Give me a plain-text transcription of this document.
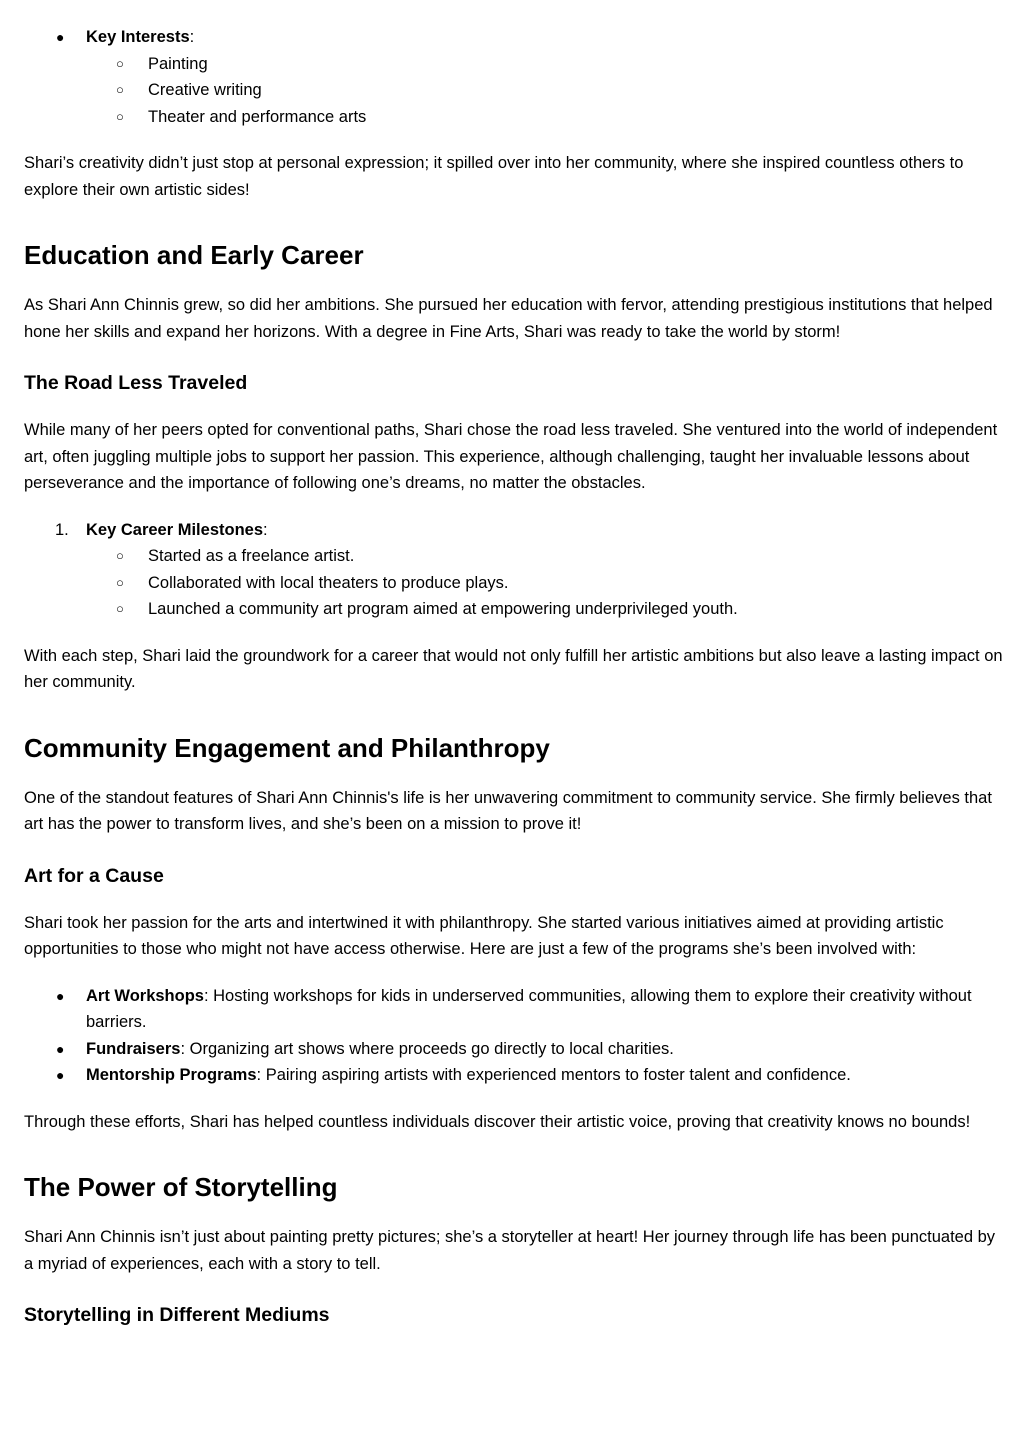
● Key Interests:
○ Painting
○ Creative writing
○ Theater and performance arts

Shari’s creativity didn’t just stop at personal expression; it spilled over into her community, where she inspired countless others to explore their own artistic sides!

Education and Early Career

As Shari Ann Chinnis grew, so did her ambitions. She pursued her education with fervor, attending prestigious institutions that helped hone her skills and expand her horizons. With a degree in Fine Arts, Shari was ready to take the world by storm!

The Road Less Traveled

While many of her peers opted for conventional paths, Shari chose the road less traveled. She ventured into the world of independent art, often juggling multiple jobs to support her passion. This experience, although challenging, taught her invaluable lessons about perseverance and the importance of following one’s dreams, no matter the obstacles.

1. Key Career Milestones:
○ Started as a freelance artist.
○ Collaborated with local theaters to produce plays.
○ Launched a community art program aimed at empowering underprivileged youth.

With each step, Shari laid the groundwork for a career that would not only fulfill her artistic ambitions but also leave a lasting impact on her community.

Community Engagement and Philanthropy

One of the standout features of Shari Ann Chinnis's life is her unwavering commitment to community service. She firmly believes that art has the power to transform lives, and she’s been on a mission to prove it!

Art for a Cause

Shari took her passion for the arts and intertwined it with philanthropy. She started various initiatives aimed at providing artistic opportunities to those who might not have access otherwise. Here are just a few of the programs she’s been involved with:

● Art Workshops: Hosting workshops for kids in underserved communities, allowing them to explore their creativity without barriers.
● Fundraisers: Organizing art shows where proceeds go directly to local charities.
● Mentorship Programs: Pairing aspiring artists with experienced mentors to foster talent and confidence.

Through these efforts, Shari has helped countless individuals discover their artistic voice, proving that creativity knows no bounds!

The Power of Storytelling

Shari Ann Chinnis isn’t just about painting pretty pictures; she’s a storyteller at heart! Her journey through life has been punctuated by a myriad of experiences, each with a story to tell.

Storytelling in Different Mediums
